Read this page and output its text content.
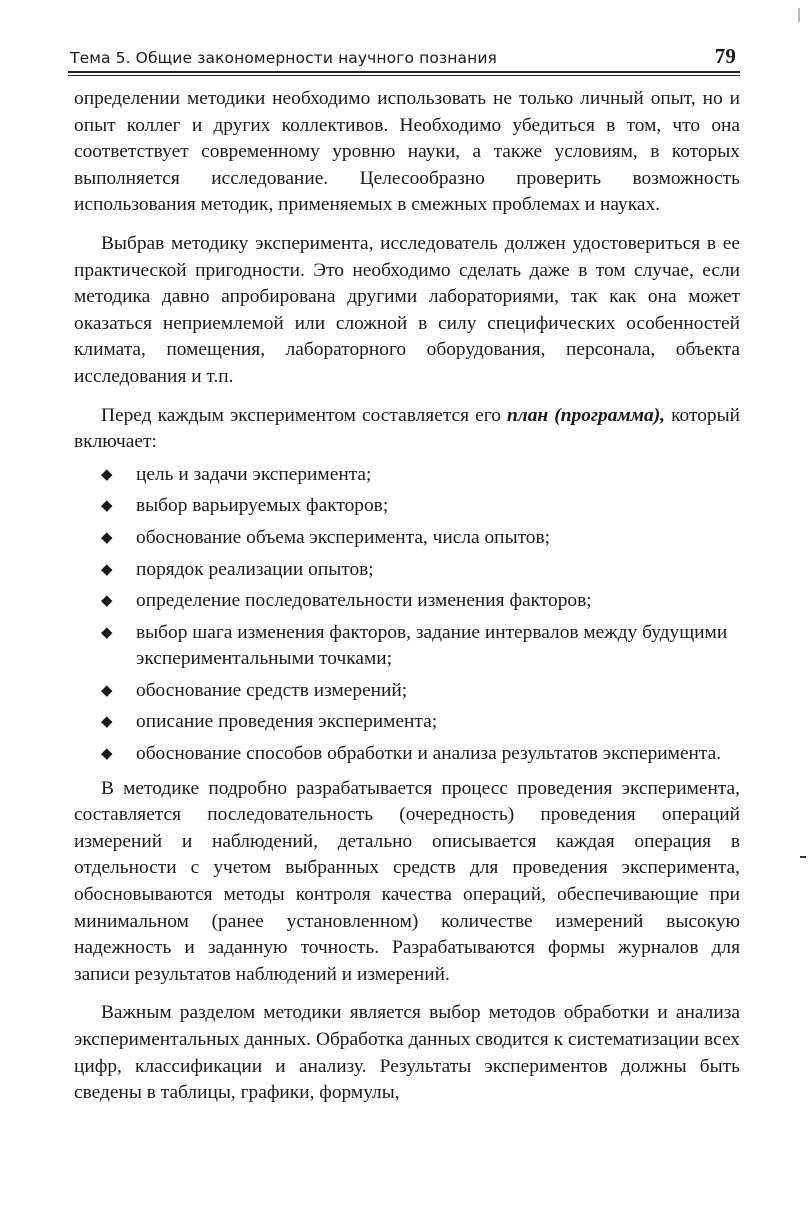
Тема 5. Общие закономерности научного познания	79

определении методики необходимо использовать не только личный опыт, но и опыт коллег и других коллективов. Необходимо убедиться в том, что она соответствует современному уровню науки, а также условиям, в которых выполняется исследование. Целесообразно проверить возможность использования методик, применяемых в смежных проблемах и науках.

Выбрав методику эксперимента, исследователь должен удостовериться в ее практической пригодности. Это необходимо сделать даже в том случае, если методика давно апробирована другими лабораториями, так как она может оказаться неприемлемой или сложной в силу специфических особенностей климата, помещения, лабораторного оборудования, персонала, объекта исследования и т.п.

Перед каждым экспериментом составляется его план (программа), который включает:

◆ цель и задачи эксперимента;
◆ выбор варьируемых факторов;
◆ обоснование объема эксперимента, числа опытов;
◆ порядок реализации опытов;
◆ определение последовательности изменения факторов;
◆ выбор шага изменения факторов, задание интервалов между будущими экспериментальными точками;
◆ обоснование средств измерений;
◆ описание проведения эксперимента;
◆ обоснование способов обработки и анализа результатов эксперимента.

В методике подробно разрабатывается процесс проведения эксперимента, составляется последовательность (очередность) проведения операций измерений и наблюдений, детально описывается каждая операция в отдельности с учетом выбранных средств для проведения эксперимента, обосновываются методы контроля качества операций, обеспечивающие при минимальном (ранее установленном) количестве измерений высокую надежность и заданную точность. Разрабатываются формы журналов для записи результатов наблюдений и измерений.

Важным разделом методики является выбор методов обработки и анализа экспериментальных данных. Обработка данных сводится к систематизации всех цифр, классификации и анализу. Результаты экспериментов должны быть сведены в таблицы, графики, формулы,
